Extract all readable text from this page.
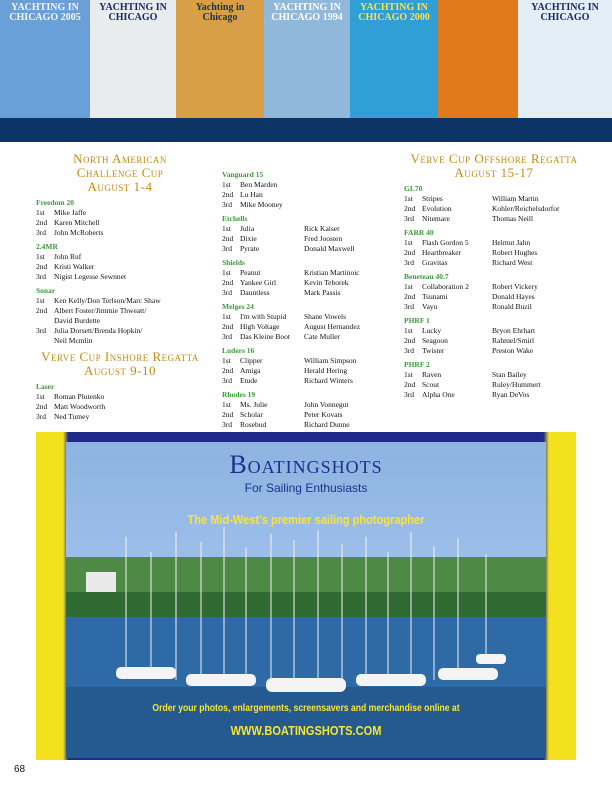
YACHTING IN CHICAGO 2005
YACHTING IN CHICAGO
Yachting in Chicago
YACHTING IN CHICAGO 1994
YACHTING IN CHICAGO 2000
YACHTING IN CHICAGO
North American
Challenge Cup
August 1-4
Freedom 20
1st	Mike Jaffe
2nd Karen Mitchell
3rd	John McRoberts
2.4MR
1st	John Ruf
2nd Kristi Walker
3rd	Nigist Legesse Sewnnet
Sonar
1st	Ken Kelly/Don Terlson/Marc Shaw
2nd Albert Foster/Jimmie Thweatt/
David Burdette
3rd	Julia Dorsett/Brenda Hopkin/
Neil Mcmlin
Verve Cup Inshore Regatta
August 9-10
Laser
1st	Roman Plutenko
2nd Matt Woodworth
3rd	Ned Tumey
Vanguard 15
1st	Ben Marden
2nd Lu Han
3rd	Mike Mooney
Etchells
1st	Julia	Rick Kaiser
2nd Dixie	Fred Joosten
3rd	Pyrate	Donald Maxwell
Shields
1st	Peanut	Kristian Martinoic
2nd Yankee Girl	Kevin Teborek
3rd	Dauntless	Mark Passis
Melges 24
1st	I'm with Stupid	Shane Vowels
2nd High Voltage	August Hernandez
3rd	Das Kleine Boot	Cate Muller
Luders 16
1st	Clipper	William Simpson
2nd Amiga	Herald Hering
3rd	Etude	Richard Winters
Rhodes 19
1st	Ms. Julie	John Vonnegut
2nd Scholar	Peter Kovats
3rd	Rosebud	Richard Dunne
Verve Cup Offshore Regatta
August 15-17
GL70
1st	Stripes	William Martin
2nd Evolution	Kohler/Reichelsdorfor
3rd	Nitemare	Thomas Neill
FARR 40
1st	Flash Gordon 5	Helmut Jahn
2nd Heartbreaker	Robert Hughes
3rd	Gravitas	Richard West
Beneteau 40.7
1st	Collaboration 2	Robert Vickery
2nd Tsunami	Donald Hayes
3rd	Vayu	Ronald Buzil
PHRF 1
1st	Lucky	Bryon Ehrhart
2nd Seagoon	Rahmel/Smirl
3rd	Twister	Preston Wake
PHRF 2
1st	Raven	Stan Bailey
2nd Scout	Ruley/Hummert
3rd	Alpha One	Ryan DeVos
Boatingshots
For Sailing Enthusiasts
The Mid-West's premier sailing photographer
Order your photos, enlargements, screensavers and merchandise online at
WWW.BOATINGSHOTS.COM
68
